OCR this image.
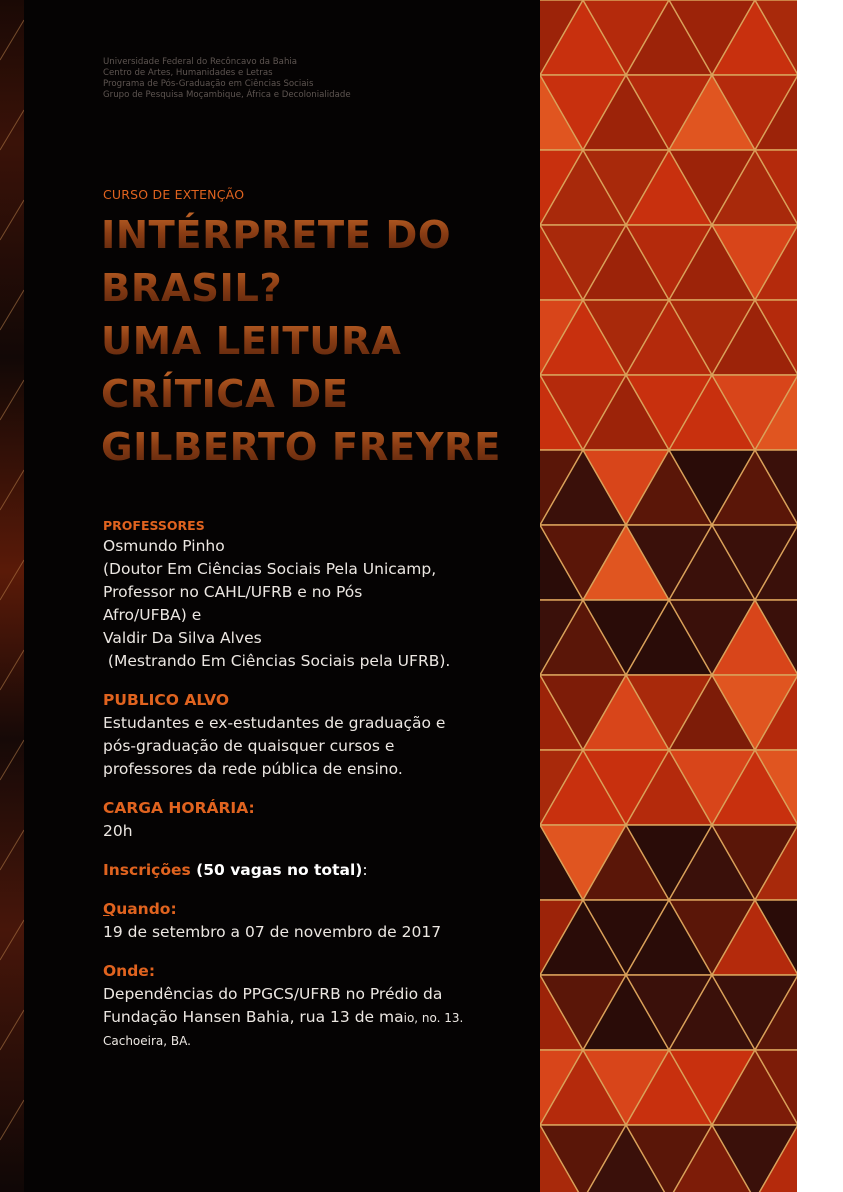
Universidade Federal do Recôncavo da Bahia
Centro de Artes, Humanidades e Letras
Programa de Pós-Graduação em Ciências Sociais
Grupo de Pesquisa Moçambique, África e Decolonialidade

CURSO DE EXTENÇÃO

INTÉRPRETE DO
BRASIL?
UMA LEITURA
CRÍTICA DE
GILBERTO FREYRE

PROFESSORES

Osmundo Pinho
(Doutor Em Ciências Sociais Pela Unicamp,
Professor no CAHL/UFRB e no Pós
Afro/UFBA) e
Valdir Da Silva Alves
(Mestrando Em Ciências Sociais pela UFRB).

PUBLICO ALVO

Estudantes e ex-estudantes de graduação e
pós-graduação de quaisquer cursos e
professores da rede pública de ensino.

CARGA HORÁRIA:

20h

Inscrições (50 vagas no total):

Quando:

19 de setembro a 07 de novembro de 2017

Onde:

Dependências do PPGCS/UFRB no Prédio da
Fundação Hansen Bahia, rua 13 de maio, no. 13.
Cachoeira, BA.
